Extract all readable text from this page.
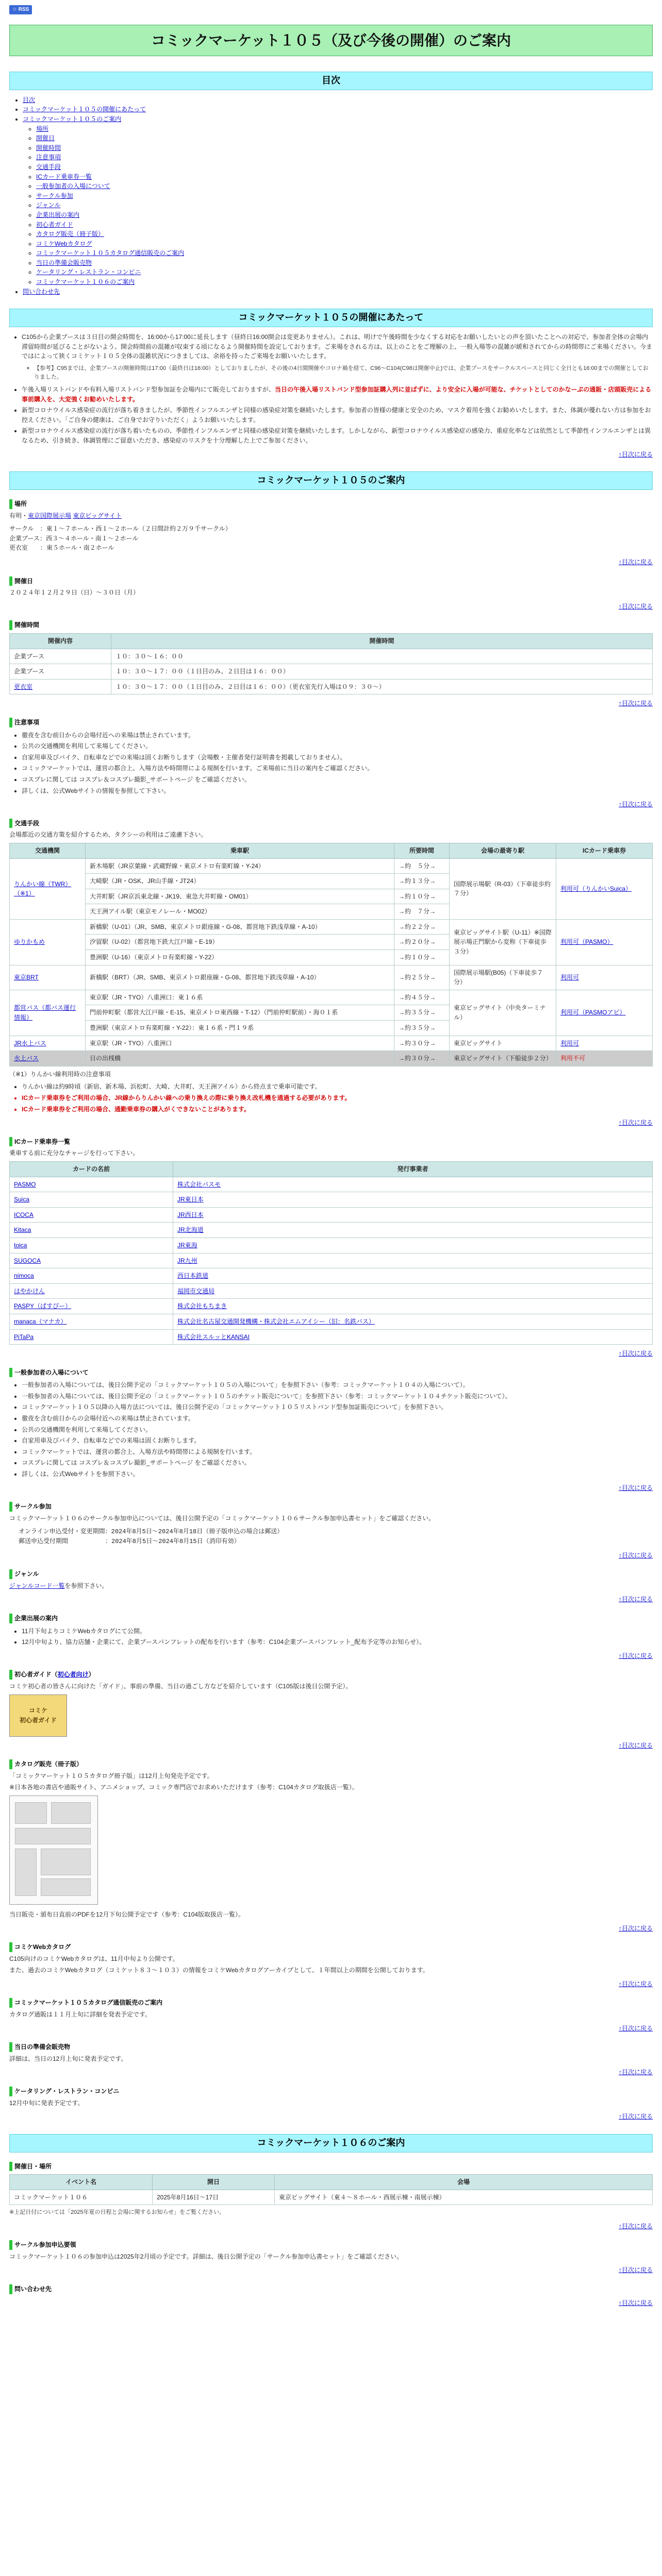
☆ RSS
コミックマーケット１０５（及び今後の開催）のご案内
目次
• 目次
• コミックマーケット１０５の開催にあたって
• コミックマーケット１０５のご案内
◦ 場所
◦ 開催日
◦ 開催時間
◦ 注意事項
◦ 交通手段
◦ ICカード乗車券一覧
◦ 一般参加者の入場について
◦ サークル参加
◦ ジャンル
◦ 企業出展の案内
◦ 初心者ガイド
◦ カタログ販売（冊子版）
◦ コミケWebカタログ
◦ コミックマーケット１０５カタログ通信販売のご案内
◦ 当日の準備会販売物
◦ ケータリング・レストラン・コンビニ
◦ コミックマーケット１０６のご案内
• 問い合わせ先
コミックマーケット１０５の開催にあたって
• C105から企業ブースは３日目の開会時間を、16:00から17:00に延長します（昼終日16:00開会は変更ありません）。これは、明けで午後時間を少なくする対応をお願いしたいとの声を頂いたことへの対応で、参加者全体の会場内滞留時間が延びることがないよう、開会時間前の混雑が収束する頃になるよう開催時間を設定しております。ご来場をされる方は、以上のことをご理解の上、一般入場等の混雑が緩和されてからの時間帯にご来場ください。今まではによって狭くコミケット１０５全体の混雑状況につきましては、余裕を持ったご来場をお願いいたします。
◦ 【参考】C95までは、企業ブースの開催時間は17:00（最終日は16:00）としておりましたが、その後の4日間開催やコロナ禍を経て、C96〜C104(C98は開催中止)では、企業ブースをサークルスペースと同じく全日とも16:00までの開催としておりました。
• 午後入場リストバンドや有料入場リストバンド型参加証を会場内にて販売しておりますが、当日の午後入場リストバンド型参加証購入列に並ばずに、より安全に入場が可能な、チケットとしてのかなーぷの通販・店頭販売による事前購入を、大変強くお勧めいたします。
• 新型コロナウイルス感染症の流行が落ち着きましたが、季節性インフルエンザと同様の感染症対策を継続いたします。参加者の皆様の健康と安全のため、マスク着用を強くお勧めいたします。また、体調が優れない方は参加をお控えください。「ご自身の健康は、ご自身でお守りいただく」ようお願いいたします。
• 新型コロナウイルス感染症の流行が落ち着いたものの、季節性インフルエンザと同様の感染症対策を継続いたします。しかしながら、新型コロナウイルス感染症の感染力、重症化率などは依然として季節性インフルエンザとは異なるため、引き続き、体調管理にご留意いただき、感染症のリスクを十分理解した上でご参加ください。
↑目次に戻る
コミックマーケット１０５のご案内
場所

有明・東京国際展示場 東京ビッグサイト

サークル　：東１〜７ホール・西１〜２ホール（２日間計約２万９千サークル）
企業ブース：西３〜４ホール・南１〜２ホール
更衣室　　：東５ホール・南２ホール
↑目次に戻る
開催日

２０２４年１２月２９日（日）〜３０日（月）

↑目次に戻る
開催時間
開催内容	開催時間
企業ブース	１０：３０〜１６：００
企業ブース	１０：３０〜１７：００（１日目のみ、２日目は１６：００）
更衣室	１０：３０〜１７：００（１日目のみ、２日目は１６：００）（更衣室先行入場は０９：３０〜）
↑目次に戻る
注意事項
• 徹夜を含む前日からの会場付近への来場は禁止されています。
• 公共の交通機関を利用して来場してください。
• 自家用車及びバイク、自転車などでの来場は固くお断りします（会場敷・主催者発行証明書を掲載しておりません）。
• コミックマーケットでは、運営の都合上、入場方法や時間帯による規制を行います。ご来場前に当日の案内をご確認ください。
• コスプレに関しては コスプレ＆コスプレ撮影_サポートページ をご確認ください。
• 詳しくは、公式Webサイトの情報を参照して下さい。
↑目次に戻る
交通手段

会場都近の交通方策を紹介するため、タクシーの利用はご遠慮下さい。

交通機関	乗車駅	所要時間	会場の最寄り駅	ICカード乗車券
りんかい線（TWR）（※1）	新木場駅（JR京葉線・武蔵野線・東京メトロ有楽町線・Y-24）	→約　５分→	国際展示場駅（R-03）（下車徒歩約７分）	利用可（りんかいSuica）
	大崎駅（JR・OSK、JR山手線・JT24）	→約１３分→		
	大井町駅（JR京浜東北線・JK19、東急大井町線・OM01）	→約１０分→		
	天王洲アイル駅（東京モノレール・MO02）	→約　７分→		
ゆりかもめ	新橋駅（U-01）（JR、SMB、東京メトロ銀座線・G-08、都営地下鉄浅草線・A-10）	→約２２分→	東京ビッグサイト駅（U-11）※国際展示場正門駅から変称（下車徒歩３分）	利用可（PASMO）
	汐留駅（U-02）（都営地下鉄大江戸線・E-19）	→約２０分→		
	豊洲駅（U-16）（東京メトロ有楽町線・Y-22）	→約１０分→		
東京BRT	新橋駅（BRT）（JR、SMB、東京メトロ銀座線・G-08、都営地下鉄浅草線・A-10）	→約２５分→	国際展示場駅(B05)（下車徒歩７分）	利用可
都営バス（都バス運行情報）	東京駅（JR・TYO）八重洲口：東１６系	→約４５分→	東京ビッグサイト（中央ターミナル）	利用可（PASMOアピ）
	門前仲町駅（都営大江戸線・E-15、東京メトロ東西線・T-12）（門前仲町駅前）・海０１系	→約３５分→		
	豊洲駅（東京メトロ有楽町線・Y-22）：東１６系・門１９系	→約３５分→		
JR水上バス	東京駅（JR・TYO）八重洲口	→約３０分→	東京ビッグサイト	利用可
水上バス	日の出桟橋	→約３０分→	東京ビッグサイト（下船徒歩２分）	利用不可

（※1）りんかい線利用時の注意事項

• りんかい線は約9時頃（新宿、新木場、浜松町、大崎、大井町、天王洲アイル）から終点まで乗車可能です。
• ICカード乗車券をご利用の場合、JR線からりんかい線への乗り換えの際に乗り換え改札機を通過する必要があります。
• ICカード乗車券をご利用の場合、通勤乗車券の購入がくできないことがあります。
↑目次に戻る
ICカード乗車券一覧

乗車する前に充分なチャージを行って下さい。

カードの名前	発行事業者
PASMO	株式会社パスモ
Suica	JR東日本
ICOCA	JR西日本
Kitaca	JR北海道
toica	JR東海
SUGOCA	JR九州
nimoca	西日本鉄道
はやかけん	福岡市交通局
PASPY（ぱすぴー）	株式会社もちまき
manaca（マナカ）	株式会社名古屋交通開発機構・株式会社エムアイシー（旧：名鉄バス）
PiTaPa	株式会社スルッとKANSAI
↑目次に戻る
一般参加者の入場について
• 一般参加者の入場については、後日公開予定の「コミックマーケット１０５の入場について」を参照下さい（参考：コミックマーケット１０４の入場について）。
• 一般参加者の入場については、後日公開予定の「コミックマーケット１０５のチケット販売について」を参照下さい（参考：コミックマーケット１０４チケット販売について）。
• コミックマーケット１０５以降の入場方法については、後日公開予定の「コミックマーケット１０５リストバンド型参加証販売について」を参照下さい。
• 徹夜を含む前日からの会場付近への来場は禁止されています。
• 公共の交通機関を利用して来場してください。
• 自家用車及びバイク、自転車などでの来場は固くお断りします。
• コミックマーケットでは、運営の都合上、入場方法や時間帯による規制を行います。
• コスプレに関しては コスプレ＆コスプレ撮影_サポートページ をご確認ください。
• 詳しくは、公式Webサイトを参照下さい。
↑目次に戻る
サークル参加

コミックマーケット１０６のサークル参加申込については、後日公開予定の「コミックマーケット１０６サークル参加申込書セット」をご確認ください。

オンライン申込受付・変更期間：2024年8月5日〜2024年8月18日（冊子版申込の場合は郵送）
郵送申込受付期間　　　　　　：2024年8月5日〜2024年8月15日（消印有効）
↑目次に戻る
ジャンル

ジャンルコード一覧を参照下さい。

↑目次に戻る
企業出展の案内
• 11月下旬よりコミケWebカタログにて公開。
• 12月中旬より、協力店舗・企業にて、企業ブースパンフレットの配布を行います（参考：C104企業ブースパンフレット_配布予定等のお知らせ）。
↑目次に戻る
初心者ガイド（初心者向け）

コミケ初心者の皆さんに向けた「ガイド」、事前の準備、当日の過ごし方などを紹介しています（C105版は後日公開予定）。

コミケ
初心者ガイド
↑目次に戻る
カタログ販売（冊子版）

「コミックマーケット１０５カタログ冊子版」は12月上旬発売予定です。

※日本各地の書店や通販サイト、アニメショップ、コミック専門店でお求めいただけます（参考：C104カタログ取扱店一覧）。

当日販売・頒布日直前のPDFを12月下旬公開予定です（参考：C104版取扱店一覧）。

↑目次に戻る
コミケWebカタログ

C105向けのコミケWebカタログは、11月中旬より公開です。

また、過去のコミケWebカタログ（コミケット８３〜１０３）の情報をコミケWebカタログアーカイブとして、１年間以上の期間を公開しております。

↑目次に戻る
コミックマーケット１０５カタログ通信販売のご案内

カタログ通販は１１月上旬に詳細を発表予定です。

↑目次に戻る
当日の準備会販売物

詳細は、当日の12月上旬に発表予定です。

↑目次に戻る
ケータリング・レストラン・コンビニ

12月中旬に発表予定です。

↑目次に戻る
コミックマーケット１０６のご案内
開催日・場所
イベント名	開日	会場
コミックマーケット１０６	2025年8月16日〜17日	東京ビッグサイト（東４〜８ホール・西展示棟・南展示棟）

※上記日付については「2025年夏の日程と会場に関するお知らせ」をご覧ください。

↑目次に戻る
サークル参加申込要領

コミックマーケット１０６の参加申込は2025年2月頃の予定です。詳細は、後日公開予定の「サークル参加申込書セット」をご確認ください。

↑目次に戻る
問い合わせ先
↑目次に戻る
